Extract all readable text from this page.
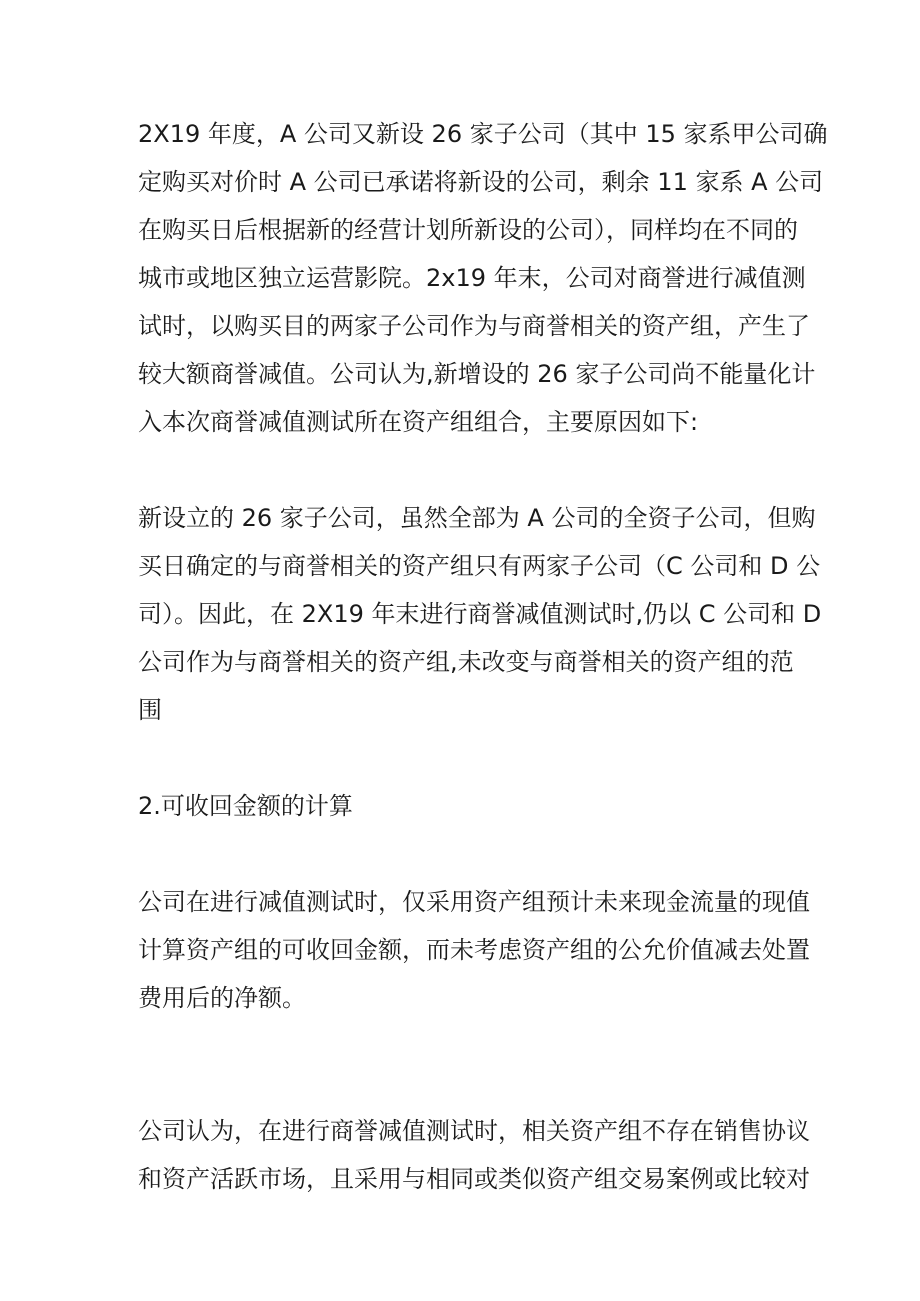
2X19 年度，A 公司又新设 26 家子公司（其中 15 家系甲公司确

定购买对价时 A 公司已承诺将新设的公司，剩余 11 家系 A 公司

在购买日后根据新的经营计划所新设的公司），同样均在不同的

城市或地区独立运营影院。2x19 年末，公司对商誉进行减值测

试时，以购买目的两家子公司作为与商誉相关的资产组，产生了

较大额商誉减值。公司认为,新增设的 26 家子公司尚不能量化计

入本次商誉减值测试所在资产组组合，主要原因如下:

新设立的 26 家子公司，虽然全部为 A 公司的全资子公司，但购

买日确定的与商誉相关的资产组只有两家子公司（C 公司和 D 公

司）。因此，在 2X19 年末进行商誉减值测试时,仍以 C 公司和 D

公司作为与商誉相关的资产组,未改变与商誉相关的资产组的范

围

2.可收回金额的计算

公司在进行减值测试时，仅采用资产组预计未来现金流量的现值

计算资产组的可收回金额，而未考虑资产组的公允价值减去处置

费用后的净额。

公司认为，在进行商誉减值测试时，相关资产组不存在销售协议

和资产活跃市场，且采用与相同或类似资产组交易案例或比较对
